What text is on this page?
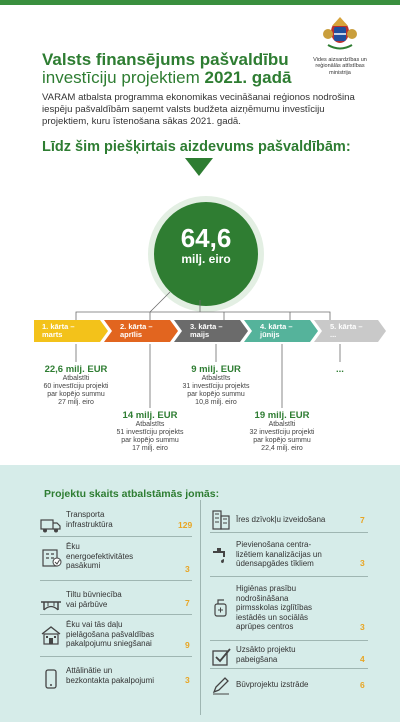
Valsts finansējums pašvaldību
investīciju projektiem 2021. gadā
Vides aizsardzības un
reģionālās attīstības
ministrija
VARAM atbalsta programma ekonomikas vecināšanai reģionos nodrošina iespēju pašvaldībām saņemt valsts budžeta aizņēmumu investīciju projektiem, kuru īstenošana sākas 2021. gadā.
Līdz šim piešķirtais aizdevums pašvaldībām:
64,6
milj. eiro
1. kārta –
marts
2. kārta –
aprīlis
3. kārta –
maijs
4. kārta –
jūnijs
5. kārta –
...
22,6 milj. EUR
Atbalstīti
60 investīciju projekti
par kopējo summu
27 milj. eiro
14 milj. EUR
Atbalstīts
51 investīciju projekts
par kopējo summu
17 milj. eiro
9 milj. EUR
Atbalstīts
31 investīciju projekts
par kopējo summu
10,8 milj. eiro
19 milj. EUR
Atbalstīti
32 investīciju projekti
par kopējo summu
22,4 milj. eiro
...
Projektu skaits atbalstāmās jomās:
Transporta
infrastruktūra	129
Ēku
energoefektivitātes
pasākumi	3
Tiltu būvniecība
vai pārbūve	7
Ēku vai tās daļu
pielāgošana pašvaldības
pakalpojumu sniegšanai	9
Attālinātie un
bezkontakta pakalpojumi	3
Īres dzīvokļu izveidošana	7
Pievienošana centra-
lizētiem kanalizācijas un
ūdensapgādes tīkliem	3
Higiēnas prasību
nodrošināšana
pirmsskolas izglītības
iestādēs un sociālās
aprūpes centros	3
Uzsākto projektu
pabeigšana	4
Būvprojektu izstrāde	6
